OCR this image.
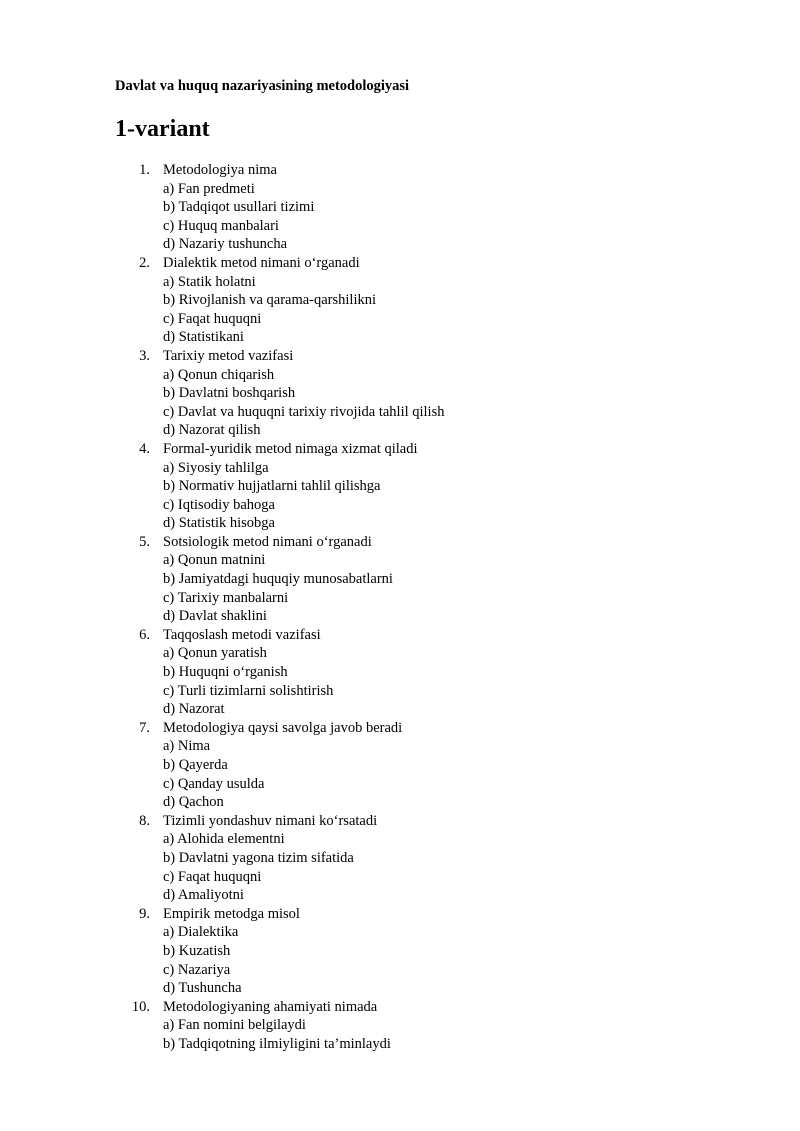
Davlat va huquq nazariyasining metodologiyasi
1-variant
1. Metodologiya nima
a) Fan predmeti
b) Tadqiqot usullari tizimi
c) Huquq manbalari
d) Nazariy tushuncha
2. Dialektik metod nimani o‘rganadi
a) Statik holatni
b) Rivojlanish va qarama-qarshilikni
c) Faqat huquqni
d) Statistikani
3. Tarixiy metod vazifasi
a) Qonun chiqarish
b) Davlatni boshqarish
c) Davlat va huquqni tarixiy rivojida tahlil qilish
d) Nazorat qilish
4. Formal-yuridik metod nimaga xizmat qiladi
a) Siyosiy tahlilga
b) Normativ hujjatlarni tahlil qilishga
c) Iqtisodiy bahoga
d) Statistik hisobga
5. Sotsiologik metod nimani o‘rganadi
a) Qonun matnini
b) Jamiyatdagi huquqiy munosabatlarni
c) Tarixiy manbalarni
d) Davlat shaklini
6. Taqqoslash metodi vazifasi
a) Qonun yaratish
b) Huquqni o‘rganish
c) Turli tizimlarni solishtirish
d) Nazorat
7. Metodologiya qaysi savolga javob beradi
a) Nima
b) Qayerda
c) Qanday usulda
d) Qachon
8. Tizimli yondashuv nimani ko‘rsatadi
a) Alohida elementni
b) Davlatni yagona tizim sifatida
c) Faqat huquqni
d) Amaliyotni
9. Empirik metodga misol
a) Dialektika
b) Kuzatish
c) Nazariya
d) Tushuncha
10. Metodologiyaning ahamiyati nimada
a) Fan nomini belgilaydi
b) Tadqiqotning ilmiyligini ta’minlaydi
